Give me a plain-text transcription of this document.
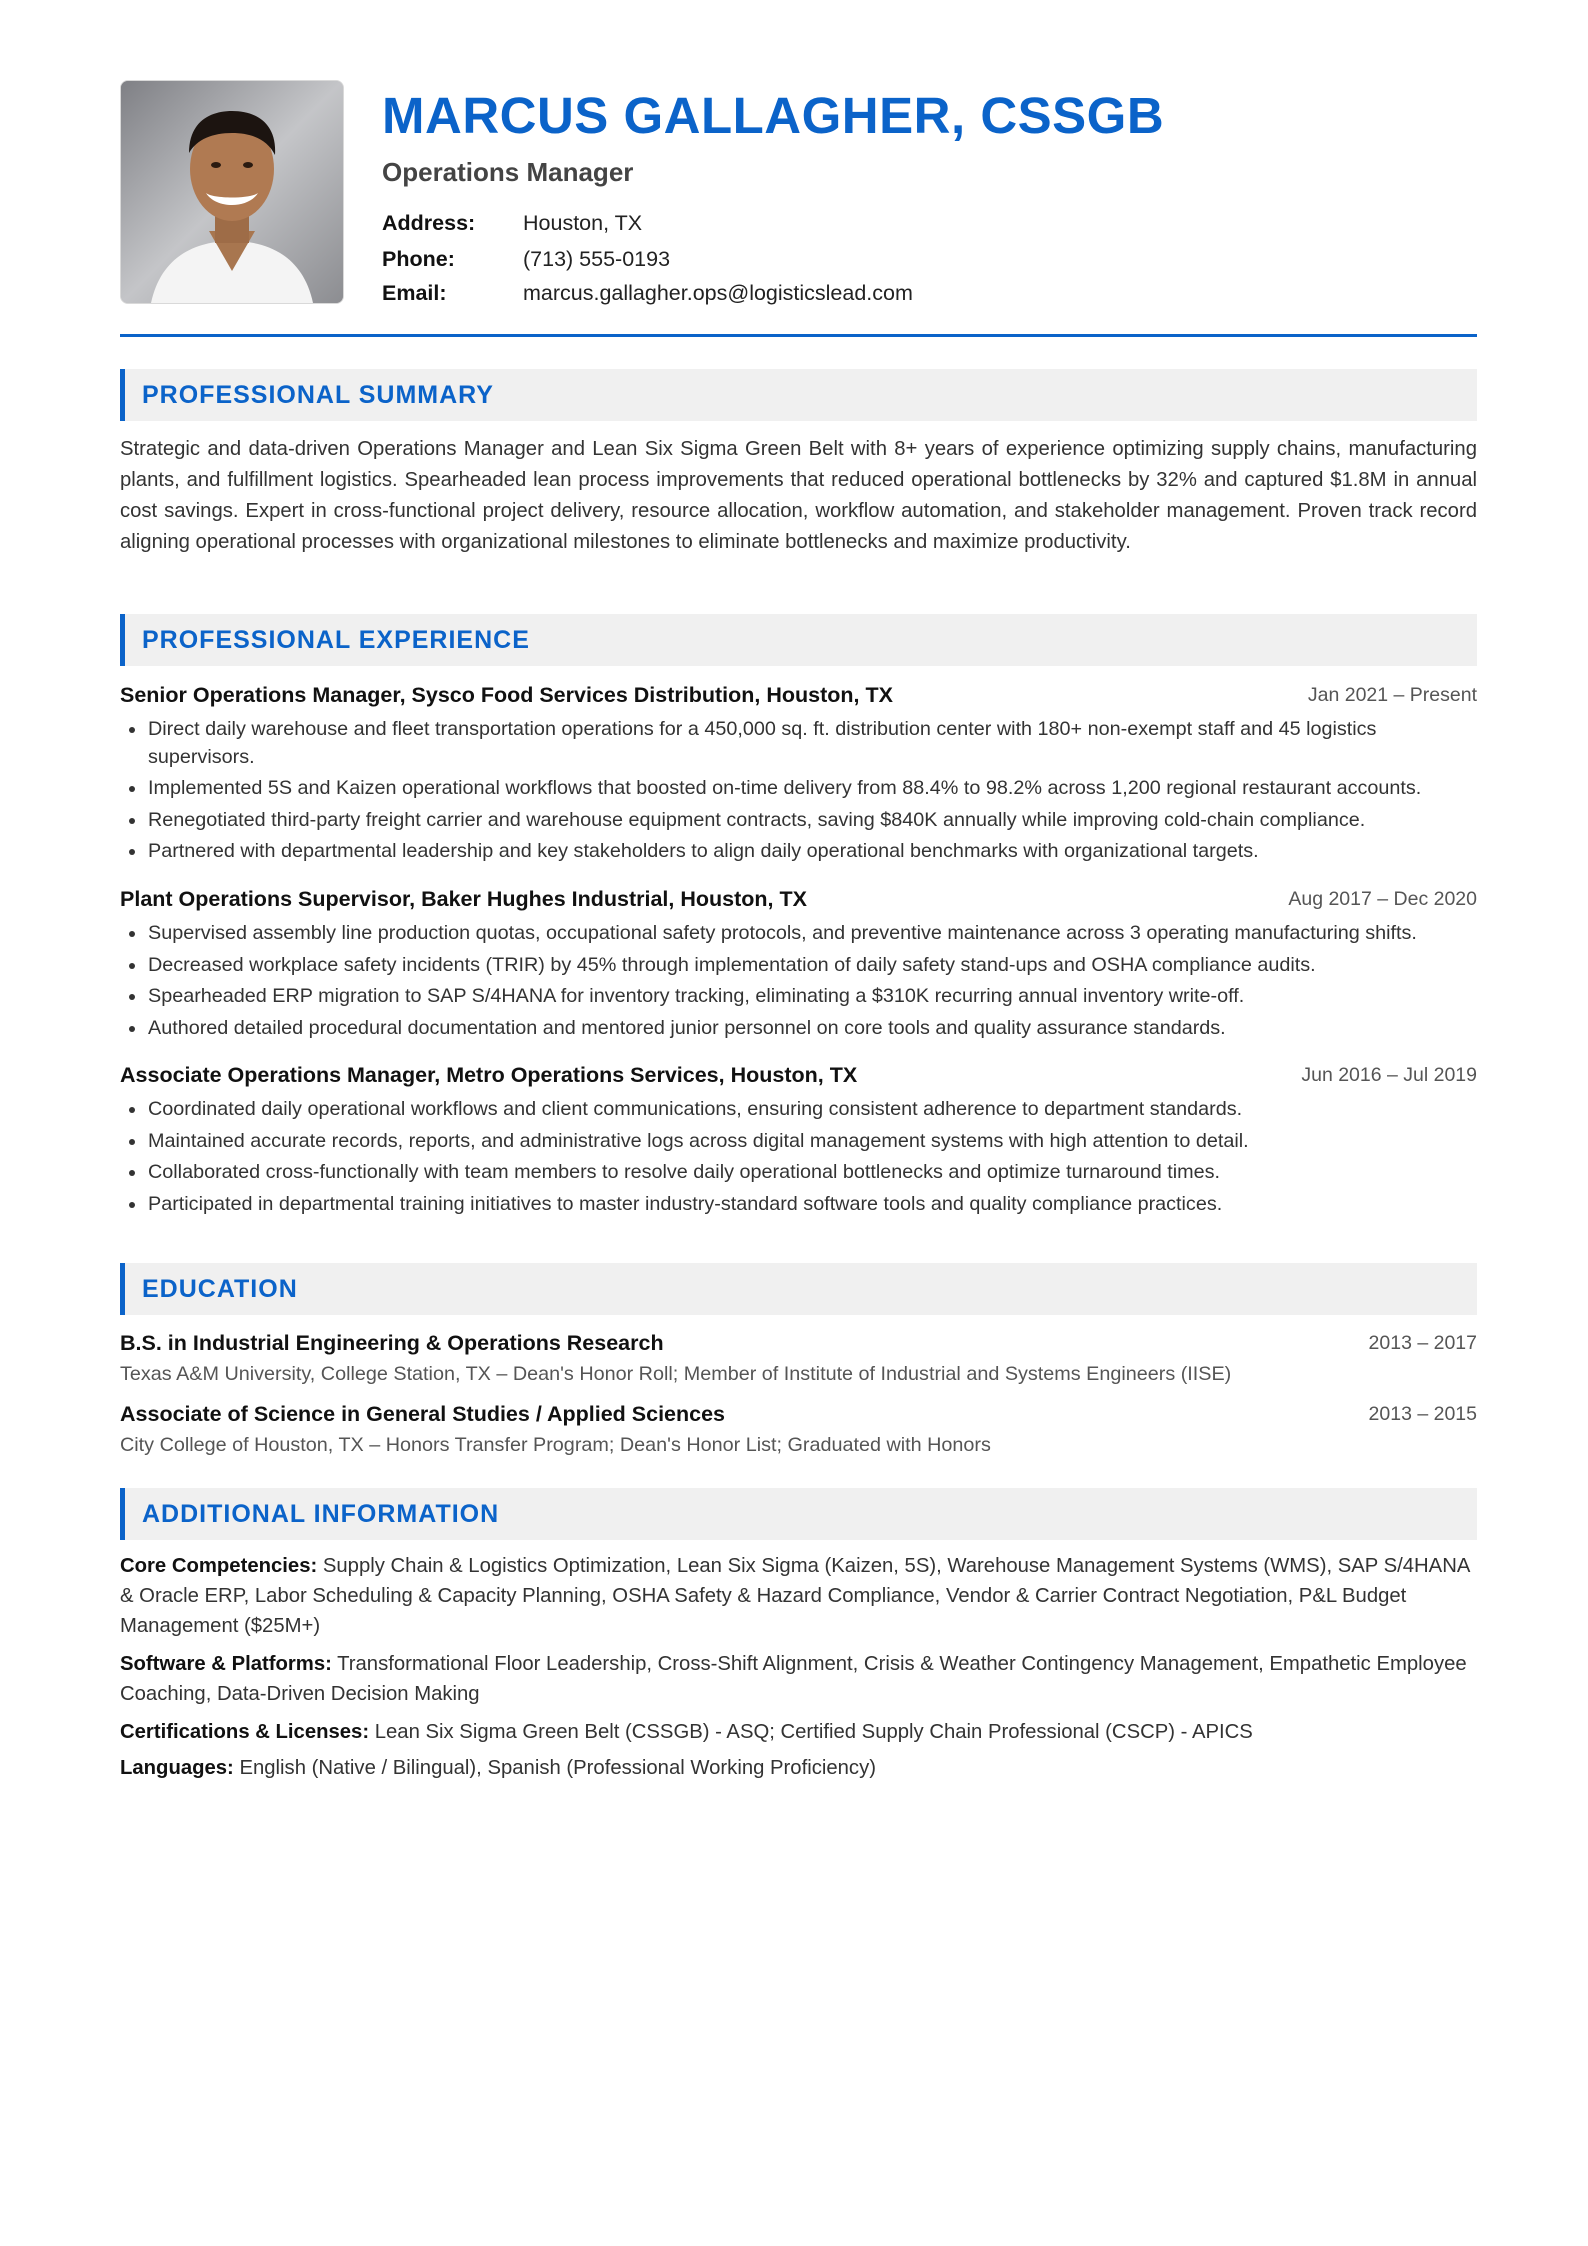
MARCUS GALLAGHER, CSSGB
Operations Manager
Address: Houston, TX
Phone:	(713) 555-0193
Email:	marcus.gallagher.ops@logisticslead.com
PROFESSIONAL SUMMARY
Strategic and data-driven Operations Manager and Lean Six Sigma Green Belt with 8+ years of experience optimizing supply chains, manufacturing plants, and fulfillment logistics. Spearheaded lean process improvements that reduced operational bottlenecks by 32% and captured $1.8M in annual cost savings. Expert in cross-functional project delivery, resource allocation, workflow automation, and stakeholder management. Proven track record aligning operational processes with organizational milestones to eliminate bottlenecks and maximize productivity.
PROFESSIONAL EXPERIENCE
Senior Operations Manager, Sysco Food Services Distribution, Houston, TX	Jan 2021 – Present
Direct daily warehouse and fleet transportation operations for a 450,000 sq. ft. distribution center with 180+ non-exempt staff and 45 logistics supervisors.
Implemented 5S and Kaizen operational workflows that boosted on-time delivery from 88.4% to 98.2% across 1,200 regional restaurant accounts.
Renegotiated third-party freight carrier and warehouse equipment contracts, saving $840K annually while improving cold-chain compliance.
Partnered with departmental leadership and key stakeholders to align daily operational benchmarks with organizational targets.
Plant Operations Supervisor, Baker Hughes Industrial, Houston, TX	Aug 2017 – Dec 2020
Supervised assembly line production quotas, occupational safety protocols, and preventive maintenance across 3 operating manufacturing shifts.
Decreased workplace safety incidents (TRIR) by 45% through implementation of daily safety stand-ups and OSHA compliance audits.
Spearheaded ERP migration to SAP S/4HANA for inventory tracking, eliminating a $310K recurring annual inventory write-off.
Authored detailed procedural documentation and mentored junior personnel on core tools and quality assurance standards.
Associate Operations Manager, Metro Operations Services, Houston, TX	Jun 2016 – Jul 2019
Coordinated daily operational workflows and client communications, ensuring consistent adherence to department standards.
Maintained accurate records, reports, and administrative logs across digital management systems with high attention to detail.
Collaborated cross-functionally with team members to resolve daily operational bottlenecks and optimize turnaround times.
Participated in departmental training initiatives to master industry-standard software tools and quality compliance practices.
EDUCATION
B.S. in Industrial Engineering & Operations Research	2013 – 2017
Texas A&M University, College Station, TX – Dean's Honor Roll; Member of Institute of Industrial and Systems Engineers (IISE)
Associate of Science in General Studies / Applied Sciences	2013 – 2015
City College of Houston, TX – Honors Transfer Program; Dean's Honor List; Graduated with Honors
ADDITIONAL INFORMATION
Core Competencies: Supply Chain & Logistics Optimization, Lean Six Sigma (Kaizen, 5S), Warehouse Management Systems (WMS), SAP S/4HANA & Oracle ERP, Labor Scheduling & Capacity Planning, OSHA Safety & Hazard Compliance, Vendor & Carrier Contract Negotiation, P&L Budget Management ($25M+)
Software & Platforms: Transformational Floor Leadership, Cross-Shift Alignment, Crisis & Weather Contingency Management, Empathetic Employee Coaching, Data-Driven Decision Making
Certifications & Licenses: Lean Six Sigma Green Belt (CSSGB) - ASQ; Certified Supply Chain Professional (CSCP) - APICS
Languages: English (Native / Bilingual), Spanish (Professional Working Proficiency)
